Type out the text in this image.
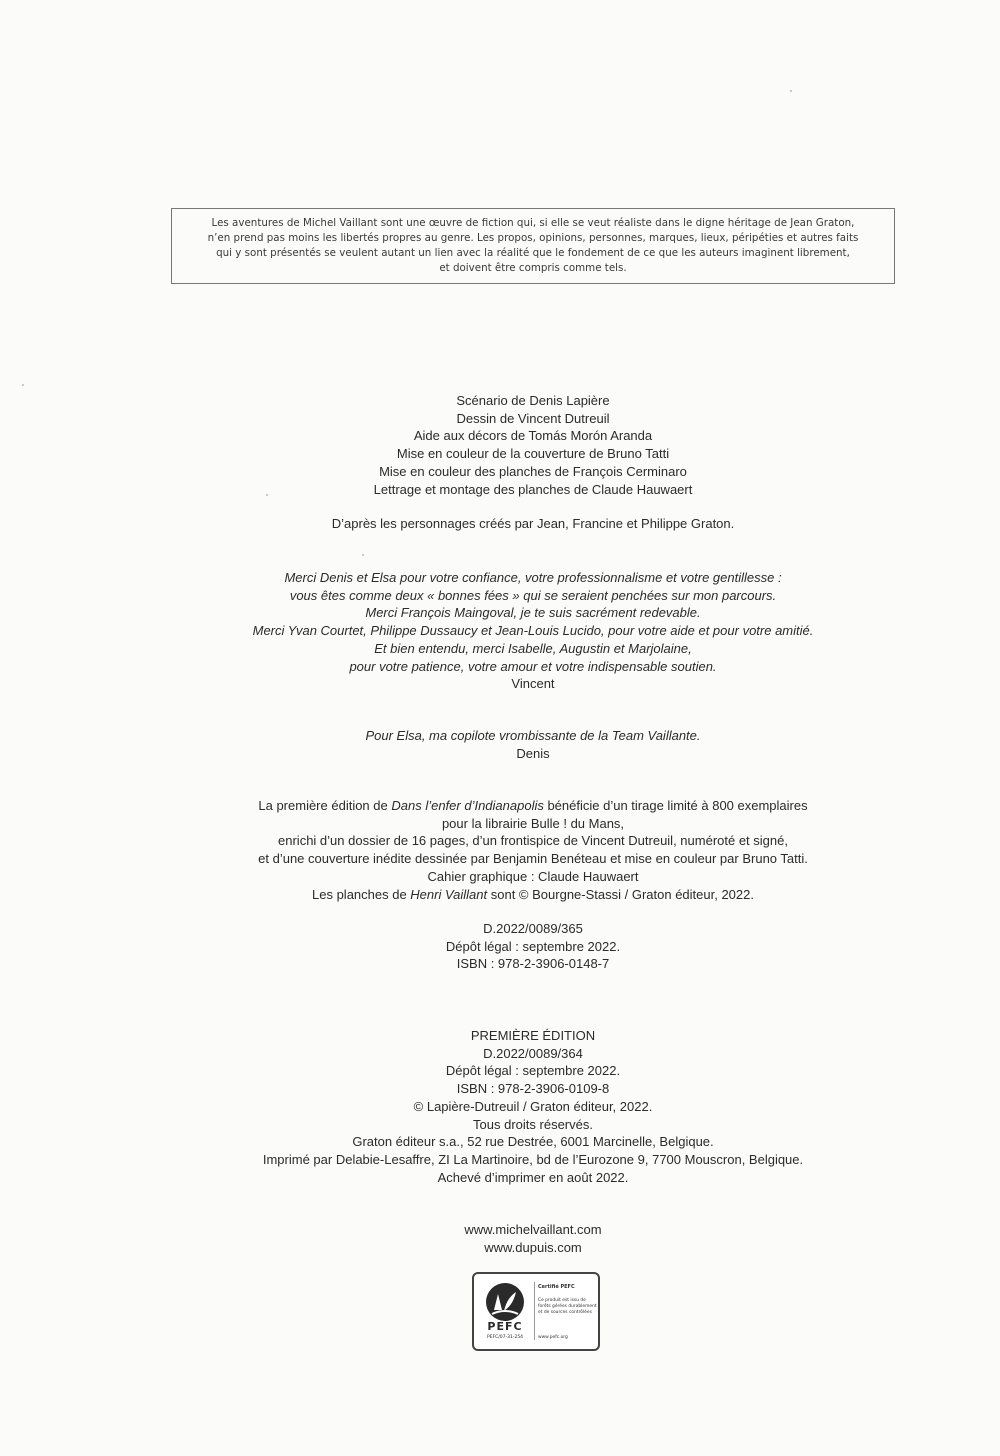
Les aventures de Michel Vaillant sont une œuvre de fiction qui, si elle se veut réaliste dans le digne héritage de Jean Graton,
n’en prend pas moins les libertés propres au genre. Les propos, opinions, personnes, marques, lieux, péripéties et autres faits
qui y sont présentés se veulent autant un lien avec la réalité que le fondement de ce que les auteurs imaginent librement,
et doivent être compris comme tels.
Scénario de Denis Lapière
Dessin de Vincent Dutreuil
Aide aux décors de Tomás Morón Aranda
Mise en couleur de la couverture de Bruno Tatti
Mise en couleur des planches de François Cerminaro
Lettrage et montage des planches de Claude Hauwaert
D’après les personnages créés par Jean, Francine et Philippe Graton.
Merci Denis et Elsa pour votre confiance, votre professionnalisme et votre gentillesse :
vous êtes comme deux « bonnes fées » qui se seraient penchées sur mon parcours.
Merci François Maingoval, je te suis sacrément redevable.
Merci Yvan Courtet, Philippe Dussaucy et Jean-Louis Lucido, pour votre aide et pour votre amitié.
Et bien entendu, merci Isabelle, Augustin et Marjolaine,
pour votre patience, votre amour et votre indispensable soutien.
Vincent
Pour Elsa, ma copilote vrombissante de la Team Vaillante.
Denis
La première édition de Dans l’enfer d’Indianapolis bénéficie d’un tirage limité à 800 exemplaires
pour la librairie Bulle ! du Mans,
enrichi d’un dossier de 16 pages, d’un frontispice de Vincent Dutreuil, numéroté et signé,
et d’une couverture inédite dessinée par Benjamin Benéteau et mise en couleur par Bruno Tatti.
Cahier graphique : Claude Hauwaert
Les planches de Henri Vaillant sont © Bourgne-Stassi / Graton éditeur, 2022.
D.2022/0089/365
Dépôt légal : septembre 2022.
ISBN : 978-2-3906-0148-7
PREMIÈRE ÉDITION
D.2022/0089/364
Dépôt légal : septembre 2022.
ISBN : 978-2-3906-0109-8
© Lapière-Dutreuil / Graton éditeur, 2022.
Tous droits réservés.
Graton éditeur s.a., 52 rue Destrée, 6001 Marcinelle, Belgique.
Imprimé par Delabie-Lesaffre, ZI La Martinoire, bd de l’Eurozone 9, 7700 Mouscron, Belgique.
Achevé d’imprimer en août 2022.
www.michelvaillant.com
www.dupuis.com
PEFC
PEFC/07-31-254
Certifié PEFC
Ce produit est issu de
forêts gérées durablement
et de sources contrôlées
www.pefc.org
